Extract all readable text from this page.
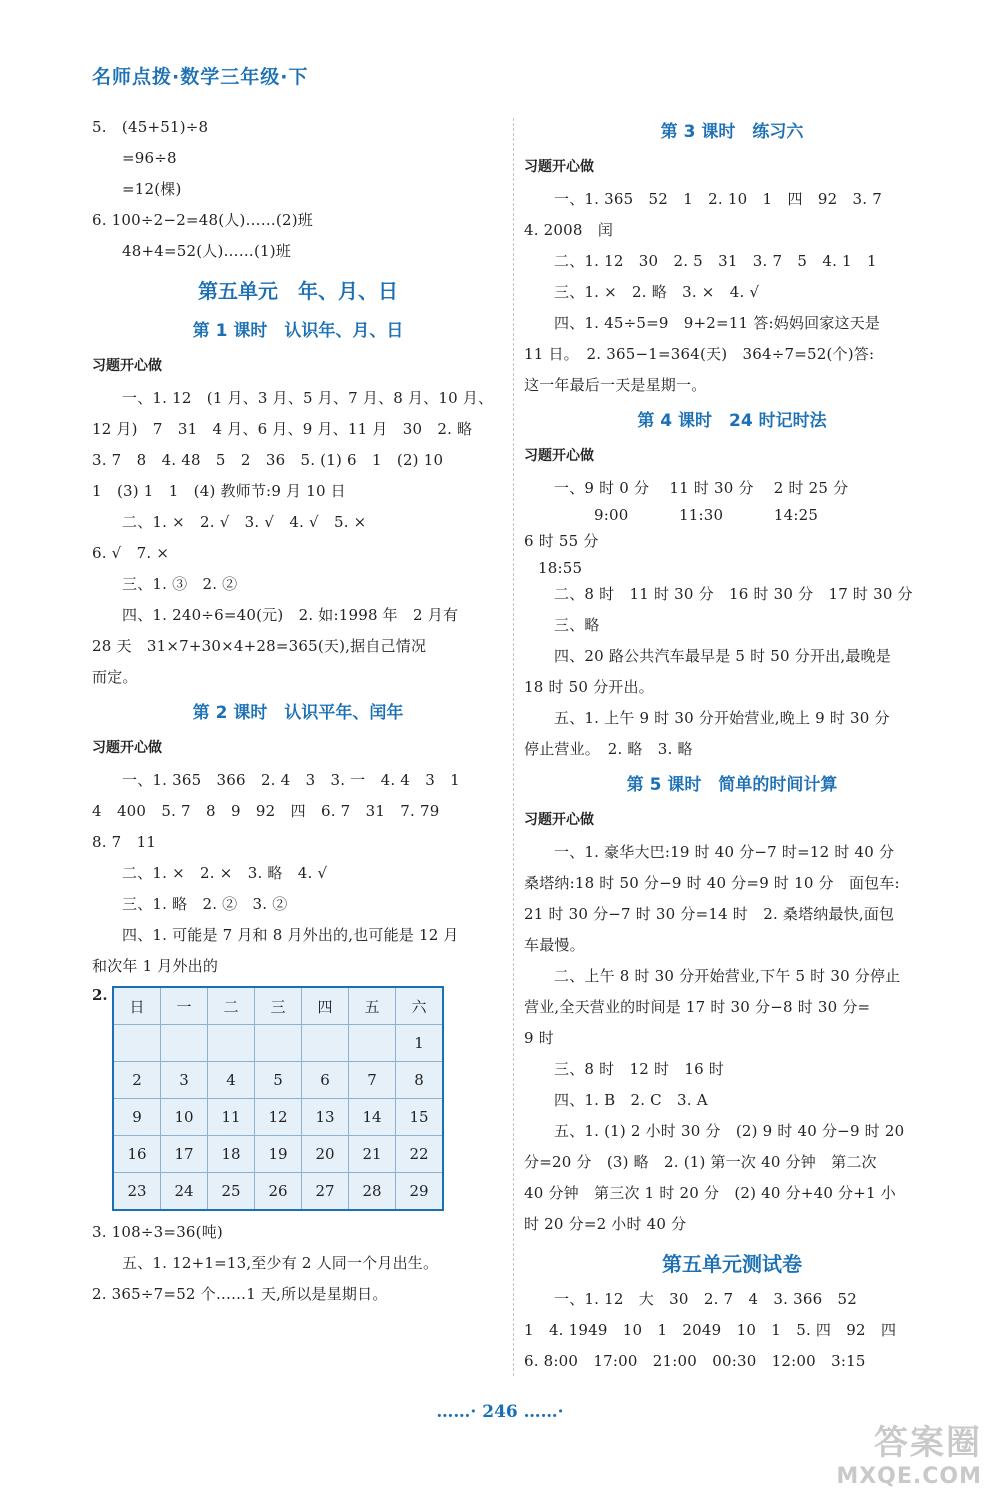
名师点拨·数学三年级·下
5.　(45+51)÷8
=96÷8
=12(棵)
6. 100÷2−2=48(人)……(2)班
48+4=52(人)……(1)班
第五单元　年、月、日
第 1 课时　认识年、月、日
习题开心做
一、1. 12　(1 月、3 月、5 月、7 月、8 月、10 月、
12 月)　7　31　4 月、6 月、9 月、11 月　30　2. 略
3. 7　8　4. 48　5　2　36　5. (1) 6　1　(2) 10
1　(3) 1　1　(4) 教师节:9 月 10 日
二、1. ×　2. √　3. √　4. √　5. ×
6. √　7. ×
三、1. ③　2. ②
四、1. 240÷6=40(元)　2. 如:1998 年　2 月有
28 天　31×7+30×4+28=365(天),据自己情况
而定。
第 2 课时　认识平年、闰年
习题开心做
一、1. 365　366　2. 4　3　3. 一　4. 4　3　1
4　400　5. 7　8　9　92　四　6. 7　31　7. 79
8. 7　11
二、1. ×　2. ×　3. 略　4. √
三、1. 略　2. ②　3. ②
四、1. 可能是 7 月和 8 月外出的,也可能是 12 月
和次年 1 月外出的
2.
日	一	二	三	四	五	六
						1
2	3	4	5	6	7	8
9	10	11	12	13	14	15
16	17	18	19	20	21	22
23	24	25	26	27	28	29
3. 108÷3=36(吨)
五、1. 12+1=13,至少有 2 人同一个月出生。
2. 365÷7=52 个……1 天,所以是星期日。
第 3 课时　练习六
习题开心做
一、1. 365　52　1　2. 10　1　四　92　3. 7
4. 2008　闰
二、1. 12　30　2. 5　31　3. 7　5　4. 1　1
三、1. ×　2. 略　3. ×　4. √
四、1. 45÷5=9　9+2=11 答:妈妈回家这天是
11 日。　2. 365−1=364(天)　364÷7=52(个)答:
这一年最后一天是星期一。
第 4 课时　24 时记时法
习题开心做
一、9 时 0 分　 11 时 30 分　 2 时 25 分
9:00　　　 11:30　　　 14:25
6 时 55 分
18:55
二、8 时　11 时 30 分　16 时 30 分　17 时 30 分
三、略
四、20 路公共汽车最早是 5 时 50 分开出,最晚是
18 时 50 分开出。
五、1. 上午 9 时 30 分开始营业,晚上 9 时 30 分
停止营业。　2. 略　3. 略
第 5 课时　简单的时间计算
习题开心做
一、1. 豪华大巴:19 时 40 分−7 时=12 时 40 分
桑塔纳:18 时 50 分−9 时 40 分=9 时 10 分　面包车:
21 时 30 分−7 时 30 分=14 时　2. 桑塔纳最快,面包
车最慢。
二、上午 8 时 30 分开始营业,下午 5 时 30 分停止
营业,全天营业的时间是 17 时 30 分−8 时 30 分=
9 时
三、8 时　12 时　16 时
四、1. B　2. C　3. A
五、1. (1) 2 小时 30 分　(2) 9 时 40 分−9 时 20
分=20 分　(3) 略　2. (1) 第一次 40 分钟　第二次
40 分钟　第三次 1 时 20 分　(2) 40 分+40 分+1 小
时 20 分=2 小时 40 分
第五单元测试卷
一、1. 12　大　30　2. 7　4　3. 366　52
1　4. 1949　10　1　2049　10　1　5. 四　92　四
6. 8:00　17:00　21:00　00:30　12:00　3:15
……· 246 ……·
答案圈
MXQE.COM
